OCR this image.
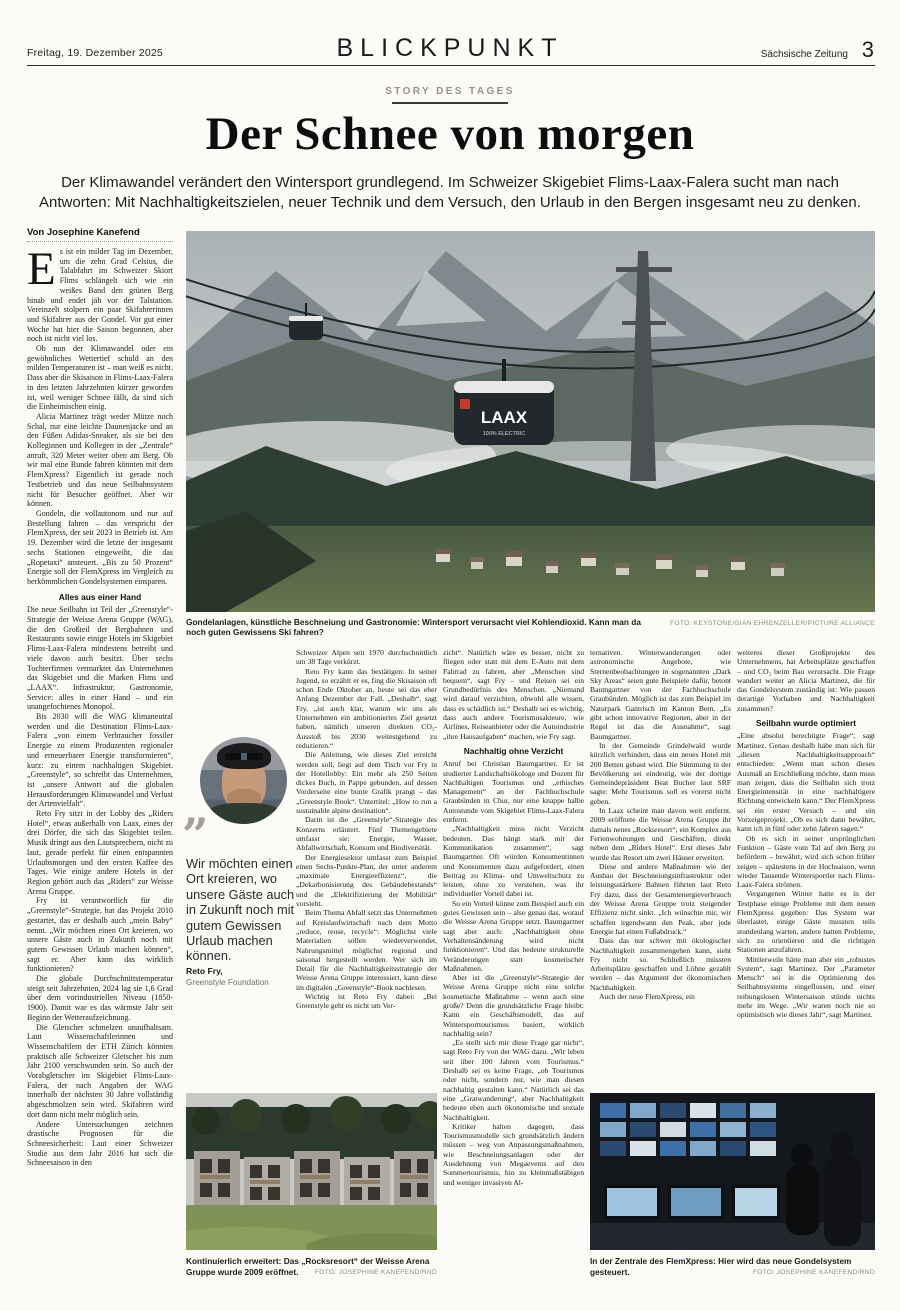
Freitag, 19. Dezember 2025	BLICKPUNKT	Sächsische Zeitung 3
STORY DES TAGES
Der Schnee von morgen
Der Klimawandel verändert den Wintersport grundlegend. Im Schweizer Skigebiet Flims-Laax-Falera sucht man nach Antworten: Mit Nachhaltigkeitszielen, neuer Technik und dem Versuch, den Urlaub in den Bergen insgesamt neu zu denken.
Von Josephine Kanefend
LAAX
100% ELECTRIC
Gondelanlagen, künstliche Beschneiung und Gastronomie: Wintersport verursacht viel Kohlendioxid. Kann man da noch guten Gewissens Ski fahren?
FOTO: KEYSTONE/GIAN EHRENZELLER/PICTURE ALLIANCE

Es ist ein milder Tag im Dezember, um die zehn Grad Celsius, die Talabfahrt im Schweizer Skiort Flims schlängelt sich wie ein weißes Band den grünen Berg hinab und endet jäh vor der Talstation. Vereinzelt stolpern ein paar Skifahrerinnen und Skifahrer aus der Gondel. Vor gut einer Woche hat hier die Saison begonnen, aber noch ist nicht viel los.

Ob nun der Klimawandel oder ein gewöhnliches Wettertief schuld an den milden Temperaturen ist – man weiß es nicht. Dass aber die Skisaison in Flims-Laax-Falera in den letzten Jahrzehnten kürzer geworden ist, weil weniger Schnee fällt, da sind sich die Einheimischen einig.

Alicia Martinez trägt weder Mütze noch Schal, nur eine leichte Daunenjacke und an den Füßen Adidas-Sneaker, als sie bei den Kolleginnen und Kollegen in der „Zentrale“ anruft, 320 Meter weiter oben am Berg. Ob wir mal eine Runde fahren könnten mit dem FlemXpress? Eigentlich ist gerade noch Testbetrieb und das neue Seilbahnsystem nicht für Besucher geöffnet. Aber wir können.

Gondeln, die vollautonom und nur auf Bestellung fahren – das verspricht der FlemXpress, der seit 2023 in Betrieb ist. Am 19. Dezember wird die letzte der insgesamt sechs Stationen eingeweiht, die das „Ropetaxi“ ansteuert. „Bis zu 50 Prozent“ Energie soll der FlemXpress im Vergleich zu herkömmlichen Gondelsystemen einsparen.

Alles aus einer Hand

Die neue Seilbahn ist Teil der „Greenstyle“-Strategie der Weisse Arena Gruppe (WAG), die den Großteil der Bergbahnen und Restaurants sowie einige Hotels im Skigebiet Flims-Laax-Falera mindestens betreibt und viele davon auch besitzt. Über sechs Tochterfirmen vermarktet das Unternehmen das Skigebiet und die Marken Flims und „LAAX“. Infrastruktur, Gastronomie, Service: alles in einer Hand – und ein unangefochtenes Monopol.

Bis 2030 will die WAG klimaneutral werden und die Destination Flims-Laax-Falera „von einem Verbraucher fossiler Energie zu einem Produzenten regionaler und erneuerbarer Energie transformieren“, kurz: zu einem nachhaltigen Skigebiet. „Greenstyle“, so schreibt das Unternehmen, ist „unsere Antwort auf die globalen Herausforderungen Klimawandel und Verlust der Artenvielfalt“.

Reto Fry sitzt in der Lobby des „Riders Hotel“, etwas außerhalb von Laax, eines der drei Dörfer, die sich das Skigebiet teilen. Musik dringt aus den Lautsprechern, nicht zu laut, gerade perfekt für einen entspannten Urlaubsmorgen und den ersten Kaffee des Tages. Wie einige andere Hotels in der Region gehört auch das „Riders“ zur Weisse Arena Gruppe.

Fry ist verantwortlich für die „Greenstyle“-Strategie, hat das Projekt 2010 gestartet, das er deshalb auch „mein Baby“ nennt. „Wir möchten einen Ort kreieren, wo unsere Gäste auch in Zukunft noch mit gutem Gewissen Urlaub machen können“, sagt er. Aber kann das wirklich funktionieren?

Die globale Durchschnittstemperatur steigt seit Jahrzehnten, 2024 lag sie 1,6 Grad über dem vorindustriellen Niveau (1850-1900). Damit war es das wärmste Jahr seit Beginn der Wetteraufzeichnung.

Die Gletscher schmelzen unaufhaltsam. Laut Wissenschaftlerinnen und Wissenschaftlern der ETH Zürich könnten praktisch alle Schweizer Gletscher bis zum Jahr 2100 verschwunden sein. So auch der Vorabgletscher im Skigebiet Flims-Laax-Falera, der nach Angaben der WAG innerhalb der nächsten 30 Jahre vollständig abgeschmolzen sein wird. Skifahren wird dort dann nicht mehr möglich sein.

Andere Untersuchungen zeichnen drastische Prognosen für die Schneesicherheit: Laut einer Schweizer Studie aus dem Jahr 2016 hat sich die Schneesaison in den

Schweizer Alpen seit 1970 durchschnittlich um 38 Tage verkürzt.

Reto Fry kann das bestätigen: In seiner Jugend, so erzählt er es, fing die Skisaison oft schon Ende Oktober an, heute sei das eher Anfang Dezember der Fall. „Deshalb“, sagt Fry, „ist auch klar, warum wir uns als Unternehmen ein ambitioniertes Ziel gesetzt haben, nämlich unseren direkten CO₂-Ausstoß bis 2030 weitestgehend zu reduzieren.“

Die Anleitung, wie dieses Ziel erreicht werden soll, liegt auf dem Tisch vor Fry in der Hotellobby: Ein mehr als 250 Seiten dickes Buch, in Pappe gebunden, auf dessen Vorderseite eine bunte Grafik prangt – das „Greenstyle Book“. Untertitel: „How to run a sustainable alpine destination“.

Darin ist die „Greenstyle“-Strategie des Konzerns erläutert. Fünf Themengebiete umfasst sie: Energie, Wasser, Abfallwirtschaft, Konsum und Biodiversität.

Der Energiesektor umfasst zum Beispiel einen Sechs-Punkte-Plan, der unter anderem „maximale Energieeffizienz“, die „Dekarbonisierung des Gebäudebestands“ und die „Elektrifizierung der Mobilität“ vorsieht.

Beim Thema Abfall setzt das Unternehmen auf Kreislaufwirtschaft nach dem Motto „reduce, reuse, recycle“: Möglichst viele Materialien sollen wiederverwendet, Nahrungsmittel möglichst regional und saisonal hergestellt werden. Wer sich im Detail für die Nachhaltigkeitsstrategie der Weisse Arena Gruppe interessiert, kann diese im digitalen „Greenstyle“-Book nachlesen.

Wichtig ist Reto Fry dabei: „Bei Greenstyle geht es nicht um Ver-

zicht“. Natürlich wäre es besser, nicht zu fliegen oder statt mit dem E-Auto mit dem Fahrrad zu fahren, aber „Menschen sind bequem“, sagt Fry – und Reisen sei ein Grundbedürfnis des Menschen. „Niemand wird darauf verzichten, obwohl alle wissen, dass es schädlich ist.“ Deshalb sei es wichtig, dass auch andere Tourismusakteure, wie Airlines, Reiseanbieter oder die Autoindustrie „ihre Hausaufgaben“ machen, wie Fry sagt.

Nachhaltig ohne Verzicht

Anruf bei Christian Baumgartner. Er ist studierter Landschaftsökologe und Dozent für Nachhaltigen Tourismus und „ethisches Management“ an der Fachhochschule Graubünden in Chur, nur eine knappe halbe Autostunde vom Skigebiet Flims-Laax-Falera entfernt.

„Nachhaltigkeit muss nicht Verzicht bedeuten. Das hängt stark mit der Kommunikation zusammen“, sagt Baumgartner. Oft würden Konsumentinnen und Konsumenten dazu aufgefordert, einen Beitrag zu Klima- und Umweltschutz zu leisten, ohne zu verstehen, was ihr individueller Vorteil dabei ist.

So ein Vorteil könne zum Beispiel auch ein gutes Gewissen sein – also genau das, worauf die Weisse Arena Gruppe setzt. Baumgartner sagt aber auch: „Nachhaltigkeit ohne Verhaltensänderung wird nicht funktionieren“. Und das bedeute strukturelle Veränderungen statt kosmetischer Maßnahmen.

Aber ist die „Greenstyle“-Strategie der Weisse Arena Gruppe nicht eine solche kosmetische Maßnahme – wenn auch eine große? Denn die grundsätzliche Frage bleibt: Kann ein Geschäftsmodell, das auf Wintersporttourismus basiert, wirklich nachhaltig sein?

„Es stellt sich mir diese Frage gar nicht“, sagt Reto Fry von der WAG dazu. „Wir leben seit über 100 Jahren vom Tourismus.“ Deshalb sei es keine Frage, „ob Tourismus oder nicht, sondern nur, wie man diesen nachhaltig gestalten kann.“ Natürlich sei das eine „Gratwanderung“, aber Nachhaltigkeit bedeute eben auch ökonomische und soziale Nachhaltigkeit.

Kritiker halten dagegen, dass Tourismusmodelle sich grundsätzlich ändern müssen – weg von Anpassungsmaßnahmen, wie Beschneiungsanlagen oder der Ausdehnung von Megaevents auf den Sommertourismus, hin zu kleinmaßstäbigen und weniger invasiven Al-

ternativen. Winterwanderungen oder astronomische Angebote, wie Sternenbeobachtungen in sogenannten „Dark Sky Areas“ seien gute Beispiele dafür, betont Baumgartner von der Fachhochschule Graubünden. Möglich ist das zum Beispiel im Naturpark Gantrisch im Kanton Bern. „Es gibt schon innovative Regionen, aber in der Regel ist das die Ausnahme“, sagt Baumgartner.

In der Gemeinde Grindelwald wurde kürzlich verhindert, dass ein neues Hotel mit 200 Betten gebaut wird. Die Stimmung in der Bevölkerung sei eindeutig, wie der dortige Gemeindepräsident Beat Bucher laut SRF sagte: Mehr Tourismus soll es vorerst nicht geben.

In Laax scheint man davon weit entfernt. 2009 eröffnete die Weisse Arena Gruppe ihr damals neues „Rocksresort“, ein Komplex aus Ferienwohnungen und Geschäften, direkt neben dem „Riders Hotel“. Erst dieses Jahr wurde das Resort um zwei Häuser erweitert.

Diese und andere Maßnahmen wie der Ausbau der Beschneiungsinfrastruktur oder leistungsstärkere Bahnen führten laut Reto Fry dazu, dass der Gesamtenergieverbrauch der Weisse Arena Gruppe trotz steigender Effizienz nicht sinkt. „Ich wünschte mir, wir schaffen irgendwann den Peak, aber jede Energie hat einen Fußabdruck.“

Dass das nur schwer mit ökologischer Nachhaltigkeit zusammengehen kann, sieht Fry nicht so. Schließlich müssten Arbeitsplätze geschaffen und Löhne gezahlt werden – das Argument der ökonomischen Nachhaltigkeit.

Auch der neue FlemXpress, ein

weiteres dieser Großprojekte des Unternehmens, hat Arbeitsplätze geschaffen – und CO₂ beim Bau verursacht. Die Frage wandert weiter an Alicia Martinez, die für das Gondelsystem zuständig ist: Wie passen derartige Vorhaben und Nachhaltigkeit zusammen?

Seilbahn wurde optimiert

„Eine absolut berechtigte Frage“, sagt Martinez. Genau deshalb habe man sich für „diesen Nachhaltigkeitsapproach“ entschieden: „Wenn man schon dieses Ausmaß an Erschließung möchte, dann muss man zeigen, dass die Seilbahn sich trotz Energieintensität in eine nachhaltigere Richtung entwickeln kann.“ Der FlemXpress sei ein erster Versuch – und ein Vorzeigeprojekt. „Ob es sich dann bewährt, kann ich in fünf oder zehn Jahren sagen.“

Ob es sich in seiner ursprünglichen Funktion – Gäste vom Tal auf den Berg zu befördern – bewährt, wird sich schon früher zeigen – spätestens in der Hochsaison, wenn wieder Tausende Wintersportler nach Flims-Laax-Falera strömen.

Vergangenen Winter hatte es in der Testphase einige Probleme mit dem neuen FlemXpress gegeben: Das System war überlastet, einige Gäste mussten teils stundenlang warten, andere hatten Probleme, sich zu orientieren und die richtigen Stationen anzufahren.

Mittlerweile hätte man aber ein „robustes System“, sagt Martinez. Der „Parameter Mensch“ sei in die Optimierung des Seilbahnsystems eingeflossen, und einer reibungslosen Wintersaison stünde nichts mehr im Wege. „Wir waren noch nie so optimistisch wie dieses Jahr“, sagt Martinez.

”
Wir möchten einen Ort kreieren, wo unsere Gäste auch in Zukunft noch mit gutem Gewissen Urlaub machen können.
Reto Fry,
Greenstyle Foundation
Kontinuierlich erweitert: Das „Rocksresort“ der Weisse Arena Gruppe wurde 2009 eröffnet.	FOTO: JOSEPHINE KANEFEND/RND
In der Zentrale des FlemXpress: Hier wird das neue Gondelsystem gesteuert.	FOTO: JOSEPHINE KANEFEND/RND
